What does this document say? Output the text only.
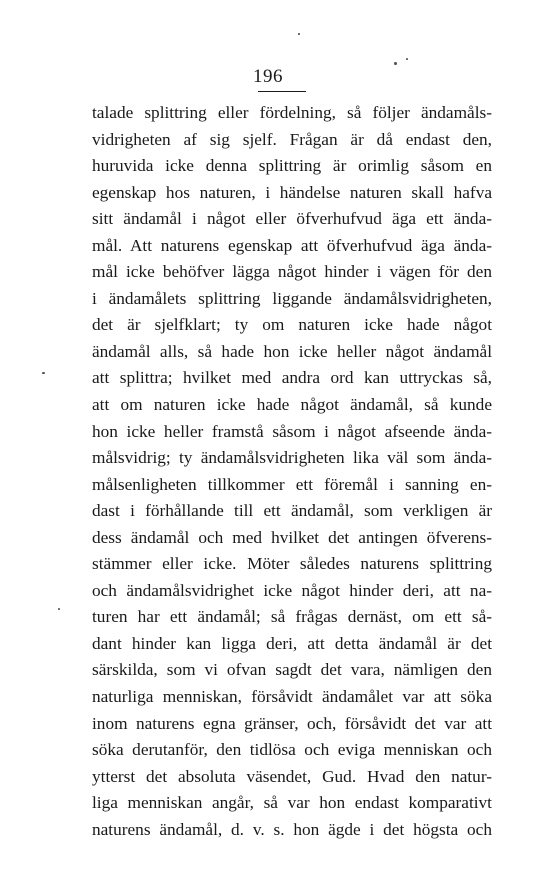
196
talade splittring eller fördelning, så följer ändamåls-
vidrigheten af sig sjelf. Frågan är då endast den,
huruvida icke denna splittring är orimlig såsom en
egenskap hos naturen, i händelse naturen skall hafva
sitt ändamål i något eller öfverhufvud äga ett ända-
mål. Att naturens egenskap att öfverhufvud äga ända-
mål icke behöfver lägga något hinder i vägen för den
i ändamålets splittring liggande ändamålsvidrigheten,
det är sjelfklart; ty om naturen icke hade något
ändamål alls, så hade hon icke heller något ändamål
att splittra; hvilket med andra ord kan uttryckas så,
att om naturen icke hade något ändamål, så kunde
hon icke heller framstå såsom i något afseende ända-
målsvidrig; ty ändamålsvidrigheten lika väl som ända-
målsenligheten tillkommer ett föremål i sanning en-
dast i förhållande till ett ändamål, som verkligen är
dess ändamål och med hvilket det antingen öfverens-
stämmer eller icke. Möter således naturens splittring
och ändamålsvidrighet icke något hinder deri, att na-
turen har ett ändamål; så frågas dernäst, om ett så-
dant hinder kan ligga deri, att detta ändamål är det
särskilda, som vi ofvan sagdt det vara, nämligen den
naturliga menniskan, försåvidt ändamålet var att söka
inom naturens egna gränser, och, försåvidt det var att
söka derutanför, den tidlösa och eviga menniskan och
ytterst det absoluta väsendet, Gud. Hvad den natur-
liga menniskan angår, så var hon endast komparativt
naturens ändamål, d. v. s. hon ägde i det högsta och
